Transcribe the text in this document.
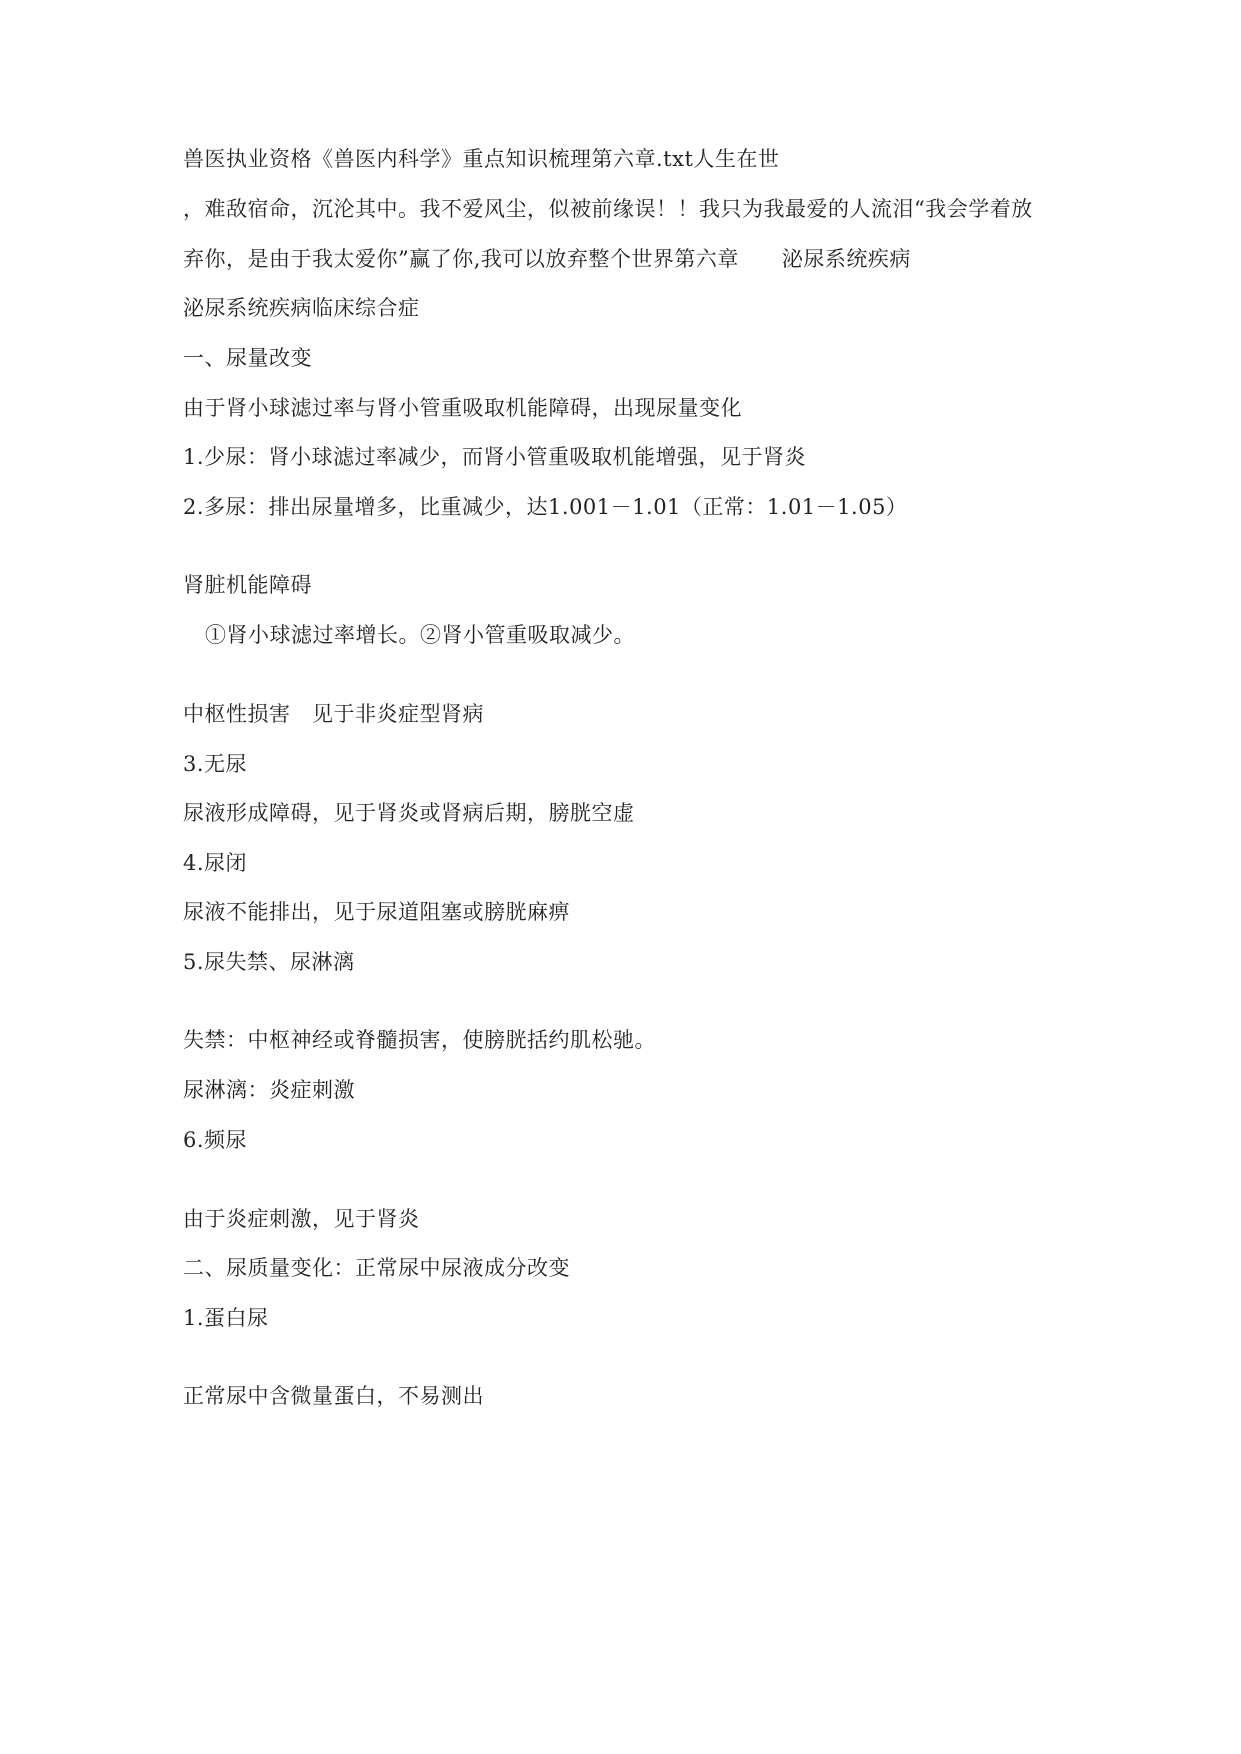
兽医执业资格《兽医内科学》重点知识梳理第六章.txt人生在世
，难敌宿命，沉沦其中。我不爱风尘，似被前缘误！！我只为我最爱的人流泪“我会学着放
弃你，是由于我太爱你”赢了你,我可以放弃整个世界第六章　　泌尿系统疾病
泌尿系统疾病临床综合症
一、尿量改变
由于肾小球滤过率与肾小管重吸取机能障碍，出现尿量变化
1.少尿：肾小球滤过率减少，而肾小管重吸取机能增强，见于肾炎
2.多尿：排出尿量增多，比重减少，达1.001－1.01（正常：1.01－1.05）
肾脏机能障碍
①肾小球滤过率增长。②肾小管重吸取减少。
中枢性损害　见于非炎症型肾病
3.无尿
尿液形成障碍，见于肾炎或肾病后期，膀胱空虚
4.尿闭
尿液不能排出，见于尿道阻塞或膀胱麻痹
5.尿失禁、尿淋漓
失禁：中枢神经或脊髓损害，使膀胱括约肌松驰。
尿淋漓：炎症刺激
6.频尿
由于炎症刺激，见于肾炎
二、尿质量变化：正常尿中尿液成分改变
1.蛋白尿
正常尿中含微量蛋白，不易测出
